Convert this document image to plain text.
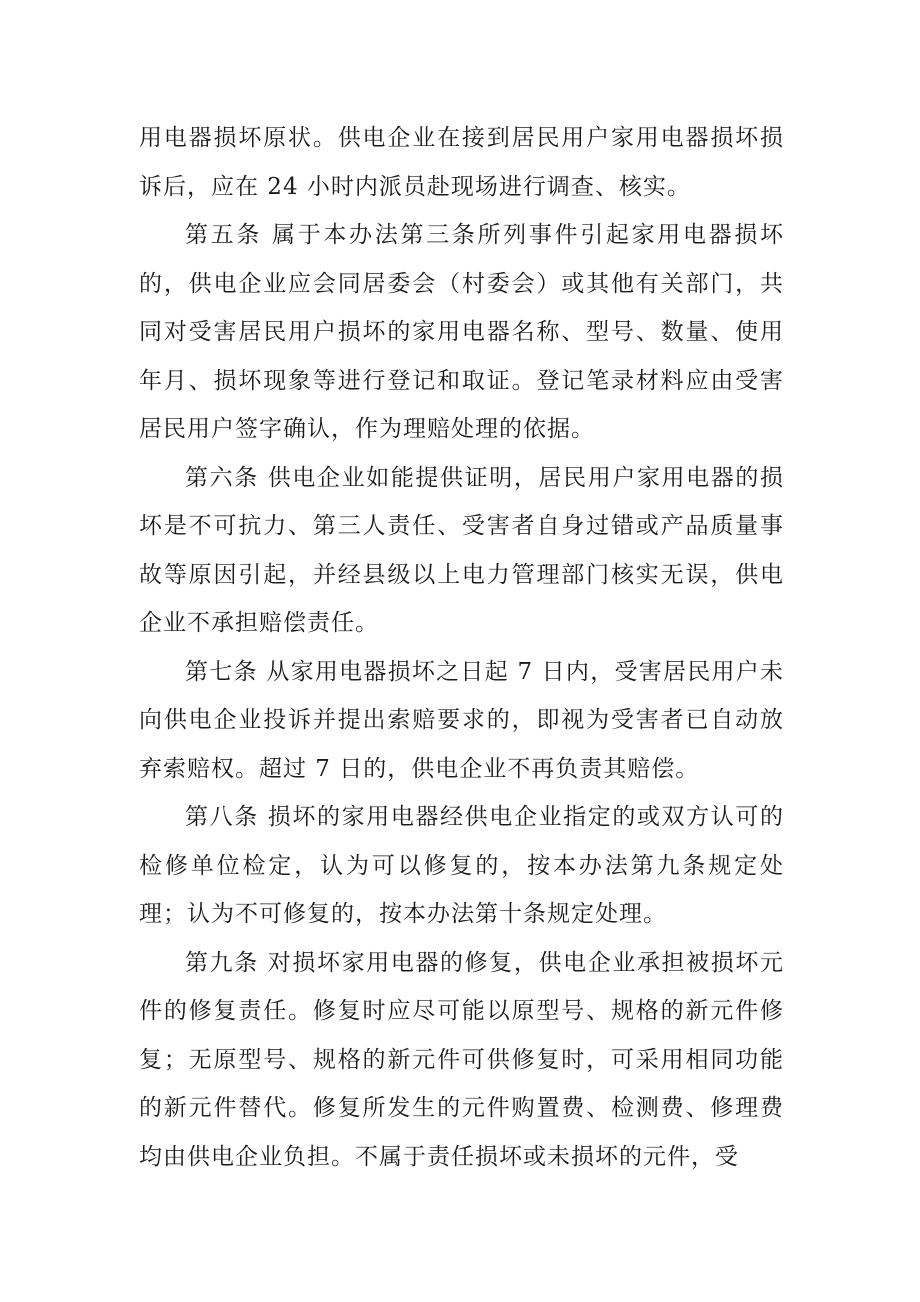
用电器损坏原状。供电企业在接到居民用户家用电器损坏损诉后，应在 24 小时内派员赴现场进行调查、核实。

第五条 属于本办法第三条所列事件引起家用电器损坏的，供电企业应会同居委会（村委会）或其他有关部门，共同对受害居民用户损坏的家用电器名称、型号、数量、使用年月、损坏现象等进行登记和取证。登记笔录材料应由受害居民用户签字确认，作为理赔处理的依据。

第六条 供电企业如能提供证明，居民用户家用电器的损坏是不可抗力、第三人责任、受害者自身过错或产品质量事故等原因引起，并经县级以上电力管理部门核实无误，供电企业不承担赔偿责任。

第七条 从家用电器损坏之日起 7 日内，受害居民用户未向供电企业投诉并提出索赔要求的，即视为受害者已自动放弃索赔权。超过 7 日的，供电企业不再负责其赔偿。

第八条 损坏的家用电器经供电企业指定的或双方认可的检修单位检定，认为可以修复的，按本办法第九条规定处理；认为不可修复的，按本办法第十条规定处理。

第九条 对损坏家用电器的修复，供电企业承担被损坏元件的修复责任。修复时应尽可能以原型号、规格的新元件修复；无原型号、规格的新元件可供修复时，可采用相同功能的新元件替代。修复所发生的元件购置费、检测费、修理费均由供电企业负担。不属于责任损坏或未损坏的元件，受
